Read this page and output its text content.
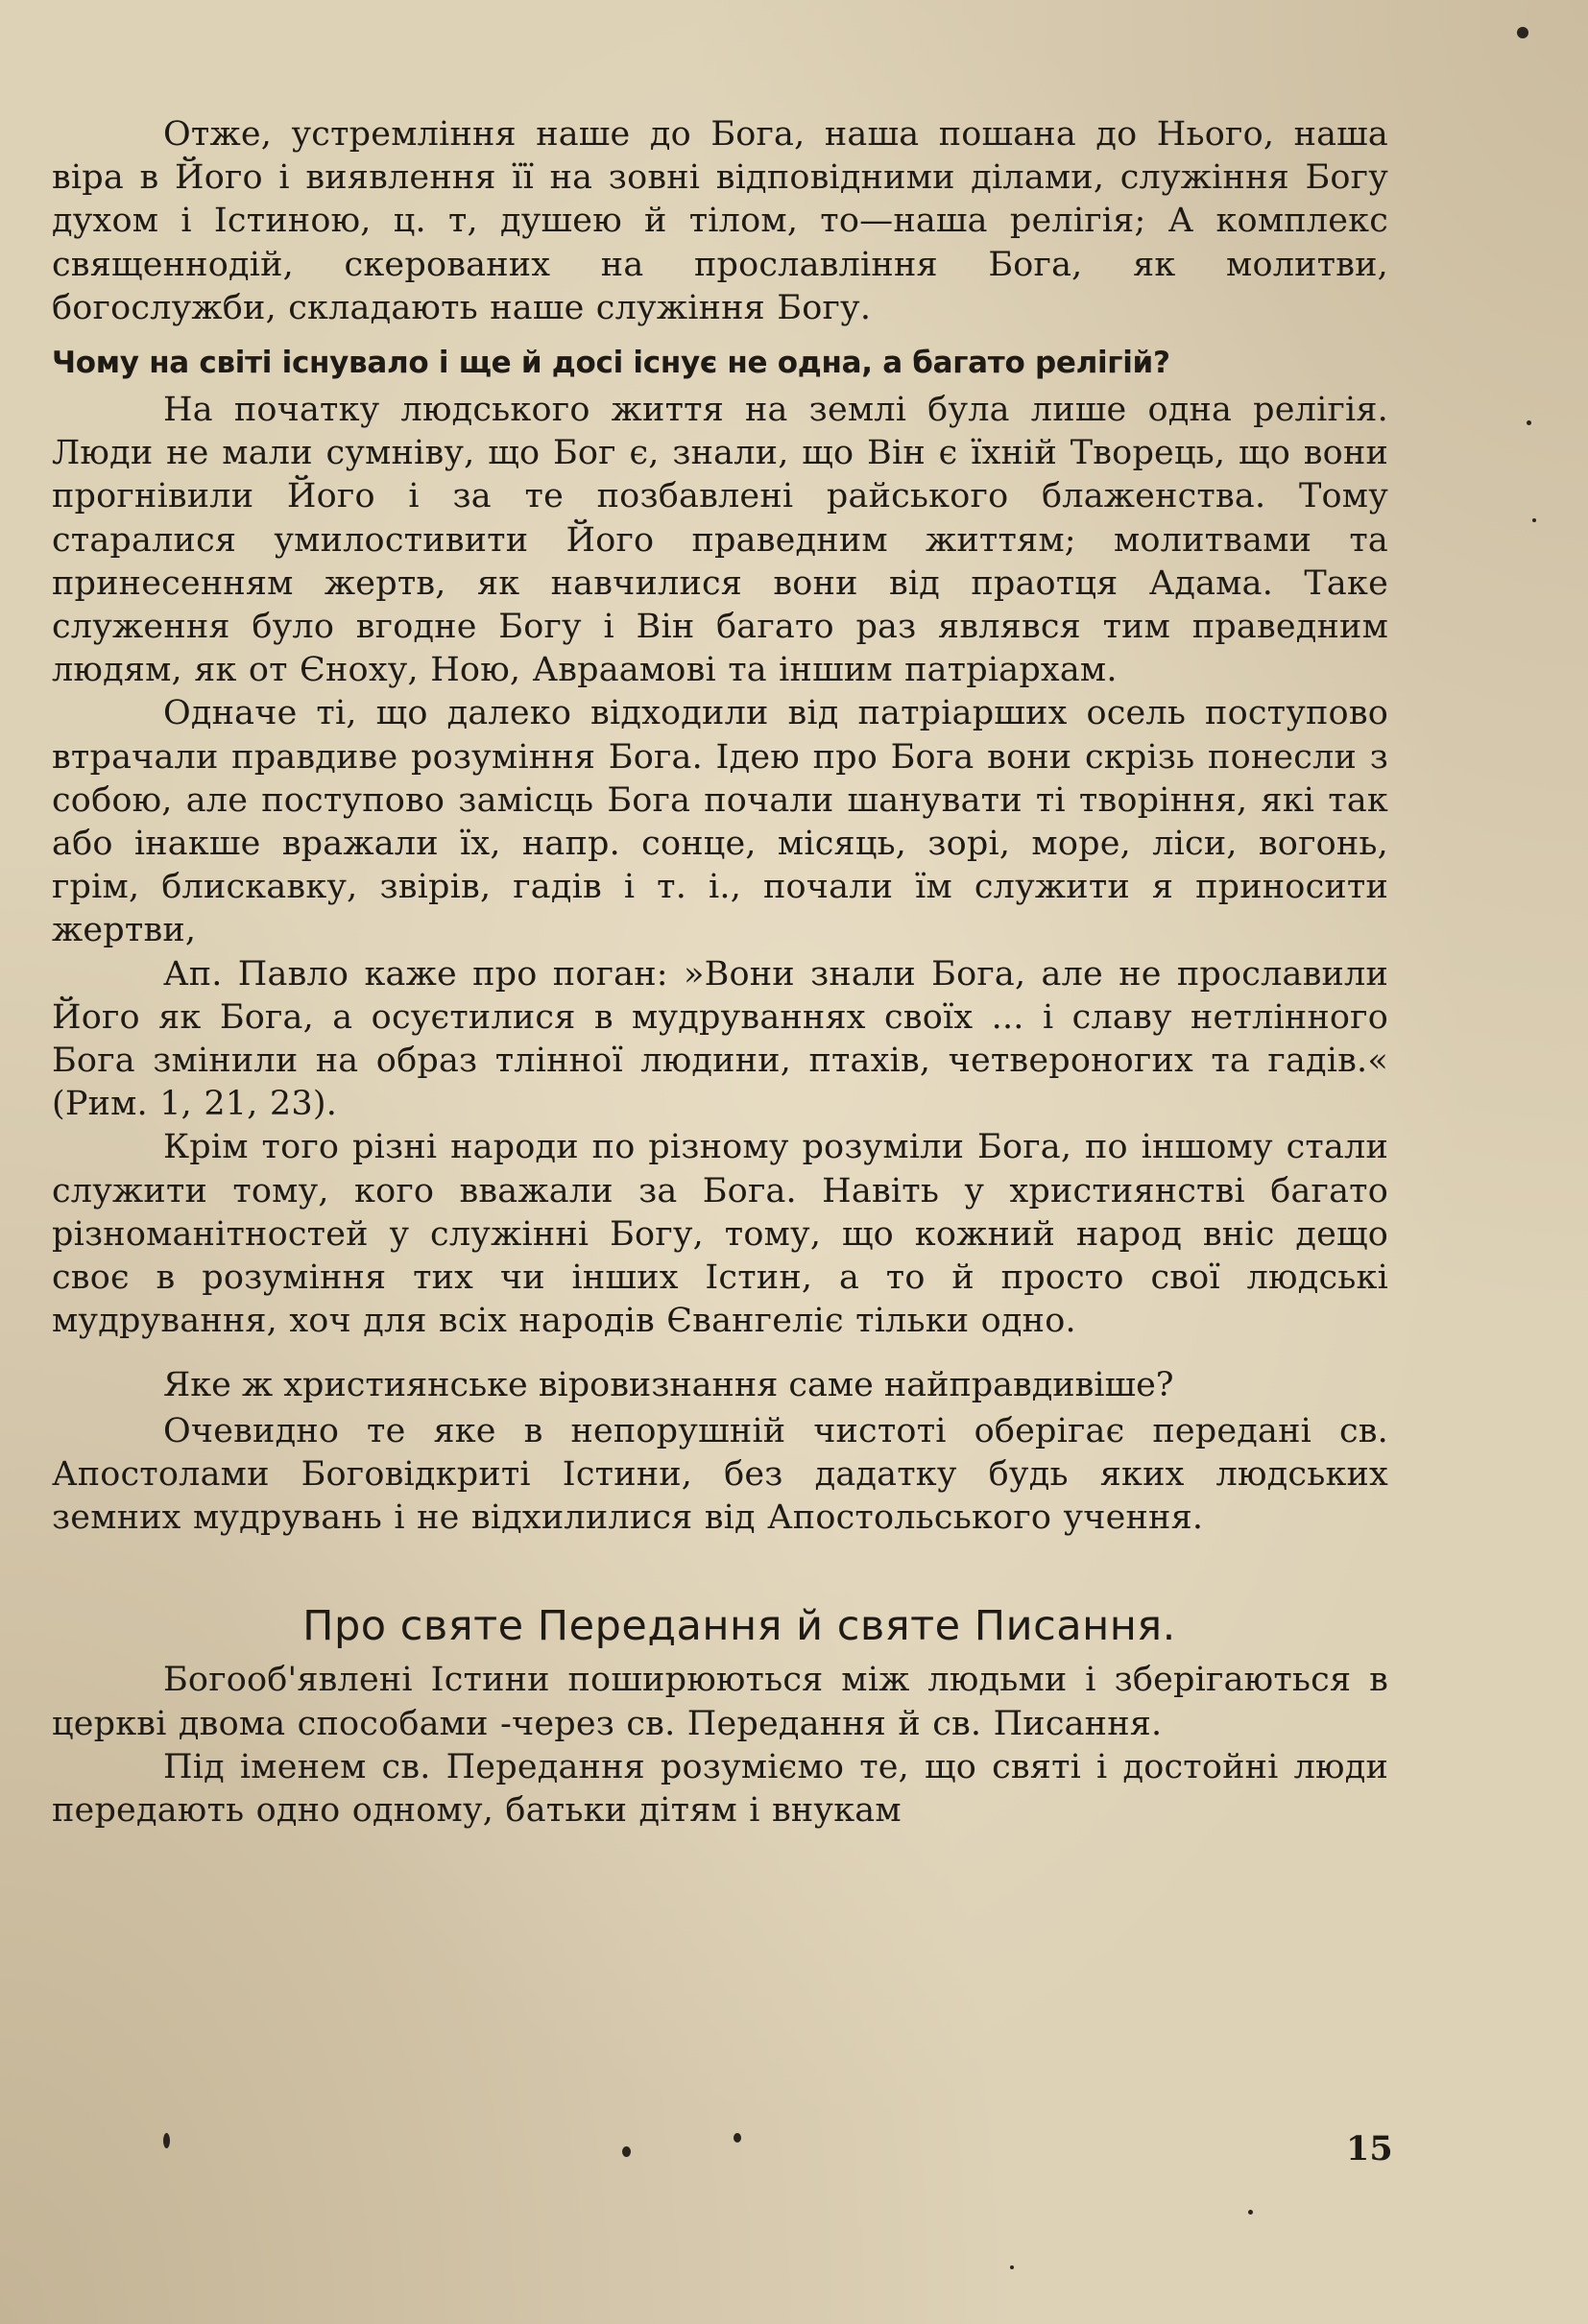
Отже, устремління наше до Бога, наша пошана до Нього, наша віра в Його і виявлення її на зовні відповідними ділами, служіння Богу духом і Істиною, ц. т, душею й тілом, то—наша релігія; А комплекс священнодій, скерованих на прославління Бога, як молитви, богослужби, складають наше служіння Богу.

Чому на світі існувало і ще й досі існує не одна, а багато релігій?

На початку людського життя на землі була лише одна релігія. Люди не мали сумніву, що Бог є, знали, що Він є їхній Творець, що вони прогнівили Його і за те позбавлені райського блаженства. Тому старалися умилостивити Його праведним життям; молитвами та принесенням жертв, як навчилися вони від праотця Адама. Таке служення було вгодне Богу і Він багато раз являвся тим праведним людям, як от Єноху, Ною, Авраамові та іншим патріархам.

Одначе ті, що далеко відходили від патріарших осель поступово втрачали правдиве розуміння Бога. Ідею про Бога вони скрізь понесли з собою, але поступово замісць Бога почали шанувати ті творіння, які так або інакше вражали їх, напр. сонце, місяць, зорі, море, ліси, вогонь, грім, блискавку, звірів, гадів і т. і., почали їм служити я приносити жертви,

Ап. Павло каже про поган: »Вони знали Бога, але не прославили Його як Бога, а осуєтилися в мудруваннях своїх ... і славу нетлінного Бога змінили на образ тлінної людини, птахів, четвероногих та гадів.« (Рим. 1, 21, 23).

Крім того різні народи по різному розуміли Бога, по іншому стали служити тому, кого вважали за Бога. Навіть у християнстві багато різноманітностей у служінні Богу, тому, що кожний народ вніс дещо своє в розуміння тих чи інших Істин, а то й просто свої людські мудрування, хоч для всіх народів Євангеліє тільки одно.

Яке ж християнське віровизнання саме найправдивіше?

Очевидно те яке в непорушній чистоті оберігає передані св. Апостолами Боговідкриті Істини, без дадатку будь яких людських земних мудрувань і не відхилилися від Апостольського учення.

Про святе Передання й святе Писання.

Богооб'явлені Істини поширюються між людьми і зберігаються в церкві двома способами -через св. Передання й св. Писання.

Під іменем св. Передання розуміємо те, що святі і достойні люди передають одно одному, батьки дітям і внукам

15
